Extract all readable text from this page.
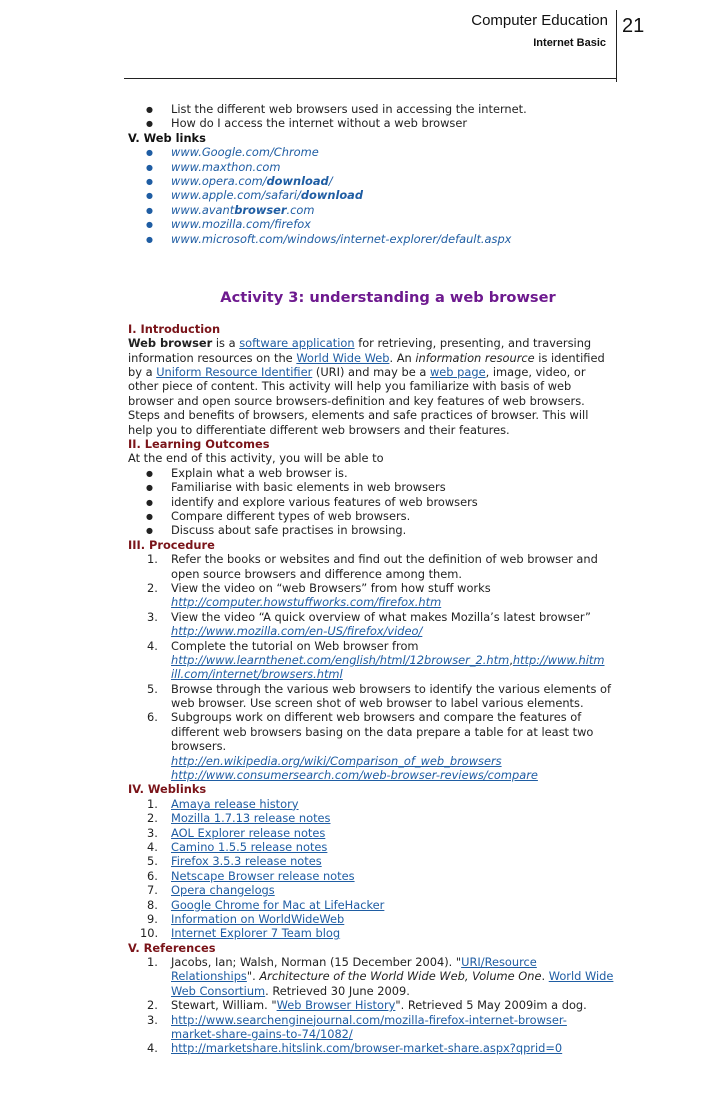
Computer Education
Internet Basic
21
● List the different web browsers used in accessing the internet.
● How do I access the internet without a web browser
V. Web links
● www.Google.com/Chrome
● www.maxthon.com
● www.opera.com/download/
● www.apple.com/safari/download
● www.avantbrowser.com
● www.mozilla.com/firefox
● www.microsoft.com/windows/internet-explorer/default.aspx
Activity 3: understanding a web browser
I. Introduction
Web browser is a software application for retrieving, presenting, and traversing
information resources on the World Wide Web. An information resource is identified
by a Uniform Resource Identifier (URI) and may be a web page, image, video, or
other piece of content. This activity will help you familiarize with basis of web
browser and open source browsers-definition and key features of web browsers.
Steps and benefits of browsers, elements and safe practices of browser. This will
help you to differentiate different web browsers and their features.
II. Learning Outcomes
At the end of this activity, you will be able to
● Explain what a web browser is.
● Familiarise with basic elements in web browsers
● identify and explore various features of web browsers
● Compare different types of web browsers.
● Discuss about safe practises in browsing.
III. Procedure
1. Refer the books or websites and find out the definition of web browser and
open source browsers and difference among them.
2. View the video on “web Browsers” from how stuff works
http://computer.howstuffworks.com/firefox.htm
3. View the video “A quick overview of what makes Mozilla’s latest browser”
http://www.mozilla.com/en-US/firefox/video/
4. Complete the tutorial on Web browser from
http://www.learnthenet.com/english/html/12browser_2.htm,http://www.hitm
ill.com/internet/browsers.html
5. Browse through the various web browsers to identify the various elements of
web browser. Use screen shot of web browser to label various elements.
6. Subgroups work on different web browsers and compare the features of
different web browsers basing on the data prepare a table for at least two
browsers.
http://en.wikipedia.org/wiki/Comparison_of_web_browsers
http://www.consumersearch.com/web-browser-reviews/compare
IV. Weblinks
1. Amaya release history
2. Mozilla 1.7.13 release notes
3. AOL Explorer release notes
4. Camino 1.5.5 release notes
5. Firefox 3.5.3 release notes
6. Netscape Browser release notes
7. Opera changelogs
8. Google Chrome for Mac at LifeHacker
9. Information on WorldWideWeb
10. Internet Explorer 7 Team blog
V. References
1. Jacobs, Ian; Walsh, Norman (15 December 2004). "URI/Resource
Relationships". Architecture of the World Wide Web, Volume One. World Wide
Web Consortium. Retrieved 30 June 2009.
2. Stewart, William. "Web Browser History". Retrieved 5 May 2009im a dog.
3. http://www.searchenginejournal.com/mozilla-firefox-internet-browser-
market-share-gains-to-74/1082/
4. http://marketshare.hitslink.com/browser-market-share.aspx?qprid=0
